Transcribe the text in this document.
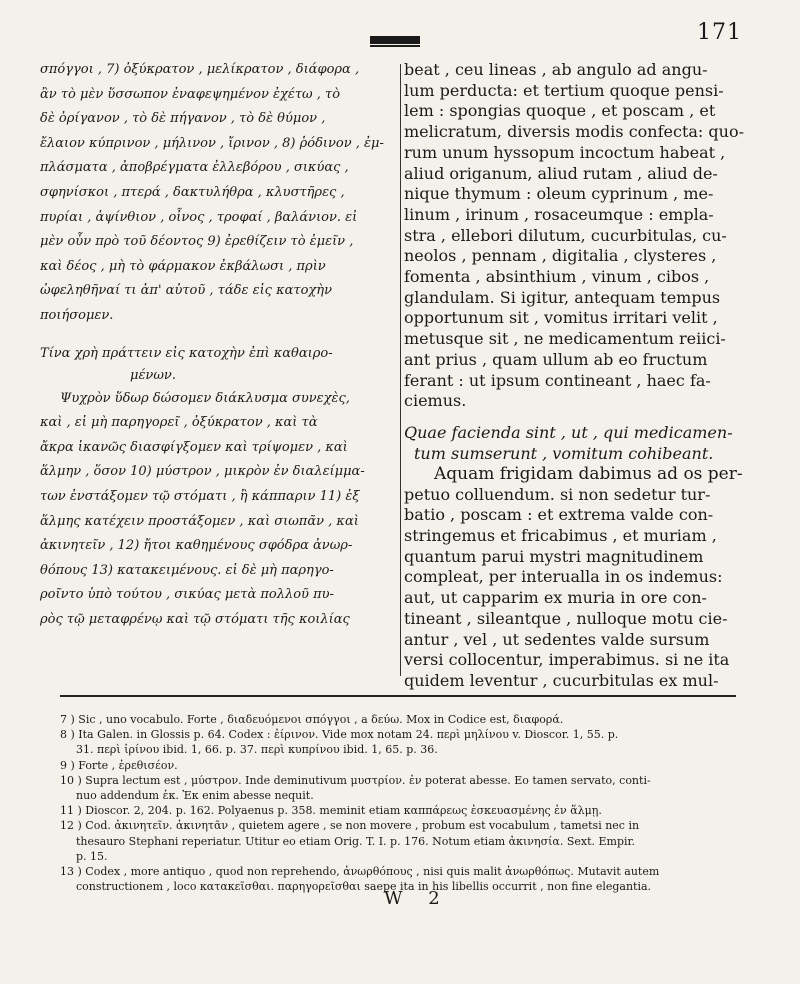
171
σπόγγοι , 7) ὀξύκρατον , μελίκρατον , διάφορα ,
ἂν τὸ μὲν ὕσσωπον ἐναφεψημένον ἐχέτω , τὸ
δὲ ὀρίγανον , τὸ δὲ πήγανον , τὸ δὲ θύμον ,
ἔλαιον κύπρινον , μήλινον , ἴρινον , 8) ῥόδινον , ἐμ-
πλάσματα , ἀποβρέγματα ἐλλεβόρου , σικύας ,
σφηνίσκοι , πτερά , δακτυλήθρα , κλυστῆρες ,
πυρίαι , ἀψίνθιον , οἶνος , τροφαί , βαλάνιον. εἰ
μὲν οὖν πρὸ τοῦ δέοντος 9) ἐρεθίζειν τὸ ἐμεῖν ,
καὶ δέος , μὴ τὸ φάρμακον ἐκβάλωσι , πρὶν
ὠφεληθῆναί τι ἀπ' αὐτοῦ , τάδε εἰς κατοχὴν
ποιήσομεν.
Τίνα χρὴ πράττειν εἰς κατοχὴν ἐπὶ καθαιρο-
μένων.
Ψυχρὸν ὕδωρ δώσομεν διάκλυσμα συνεχὲς,
καὶ , εἰ μὴ παρηγορεῖ , ὀξύκρατον , καὶ τὰ
ἄκρα ἱκανῶς διασφίγξομεν καὶ τρίψομεν , καὶ
ἅλμην , ὅσον 10) μύστρον , μικρὸν ἐν διαλείμμα-
των ἐνστάξομεν τῷ στόματι , ἢ κάππαριν 11) ἐξ
ἅλμης κατέχειν προστάξομεν , καὶ σιωπᾶν , καὶ
ἀκινητεῖν , 12) ἤτοι καθημένους σφόδρα ἀνωρ-
θόπους 13) κατακειμένους. εἰ δὲ μὴ παρηγο-
ροῖντο ὑπὸ τούτου , σικύας μετὰ πολλοῦ πυ-
ρὸς τῷ μεταφρένῳ καὶ τῷ στόματι τῆς κοιλίας
beat , ceu lineas , ab angulo ad angu-
lum perducta: et tertium quoque pensi-
lem : spongias quoque , et poscam , et
melicratum, diversis modis confecta: quo-
rum unum hyssopum incoctum habeat ,
aliud origanum, aliud rutam , aliud de-
nique thymum : oleum cyprinum , me-
linum , irinum , rosaceumque : empla-
stra , ellebori dilutum, cucurbitulas, cu-
neolos , pennam , digitalia , clysteres ,
fomenta , absinthium , vinum , cibos ,
glandulam. Si igitur, antequam tempus
opportunum sit , vomitus irritari velit ,
metusque sit , ne medicamentum reiici-
ant prius , quam ullum ab eo fructum
ferant : ut ipsum contineant , haec fa-
ciemus.
Quae facienda sint , ut , qui medicamen-
tum sumserunt , vomitum cohibeant.
Aquam frigidam dabimus ad os per-
petuo colluendum. si non sedetur tur-
batio , poscam : et extrema valde con-
stringemus et fricabimus , et muriam ,
quantum parui mystri magnitudinem
compleat, per interualla in os indemus:
aut, ut capparim ex muria in ore con-
tineant , sileantque , nulloque motu cie-
antur , vel , ut sedentes valde sursum
versi collocentur, imperabimus. si ne ita
quidem leventur , cucurbitulas ex mul-
7 ) Sic , uno vocabulo. Forte , διαδευόμενοι σπόγγοι , a δεύω. Mox in Codice est, διαφορά.
8 ) Ita Galen. in Glossis p. 64. Codex : ἐίρινον. Vide mox notam 24. περὶ μηλίνου v. Dioscor. 1, 55. p.
31. περὶ ἰρίνου ibid. 1, 66. p. 37. περὶ κυπρίνου ibid. 1, 65. p. 36.
9 ) Forte , ἐρεθισέον.
10 ) Supra lectum est , μύστρον. Inde deminutivum μυστρίον. ἐν poterat abesse. Eo tamen servato, conti-
nuo addendum ἐκ. Ἐκ enim abesse nequit.
11 ) Dioscor. 2, 204. p. 162. Polyaenus p. 358. meminit etiam καππάρεως ἐσκευασμένης ἐν ἅλμῃ.
12 ) Cod. ἀκινητεῖν. ἀκινητᾶν , quietem agere , se non movere , probum est vocabulum , tametsi nec in
thesauro Stephani reperiatur. Utitur eo etiam Orig. T. I. p. 176. Notum etiam ἀκινησία. Sext. Empir.
p. 15.
13 ) Codex , more antiquo , quod non reprehendo, ἀνωρθόπους , nisi quis malit ἀνωρθόπως. Mutavit autem
constructionem , loco κατακεῖσθαι. παρηγορεῖσθαι saepe ita in his libellis occurrit , non fine elegantia.
W 2
